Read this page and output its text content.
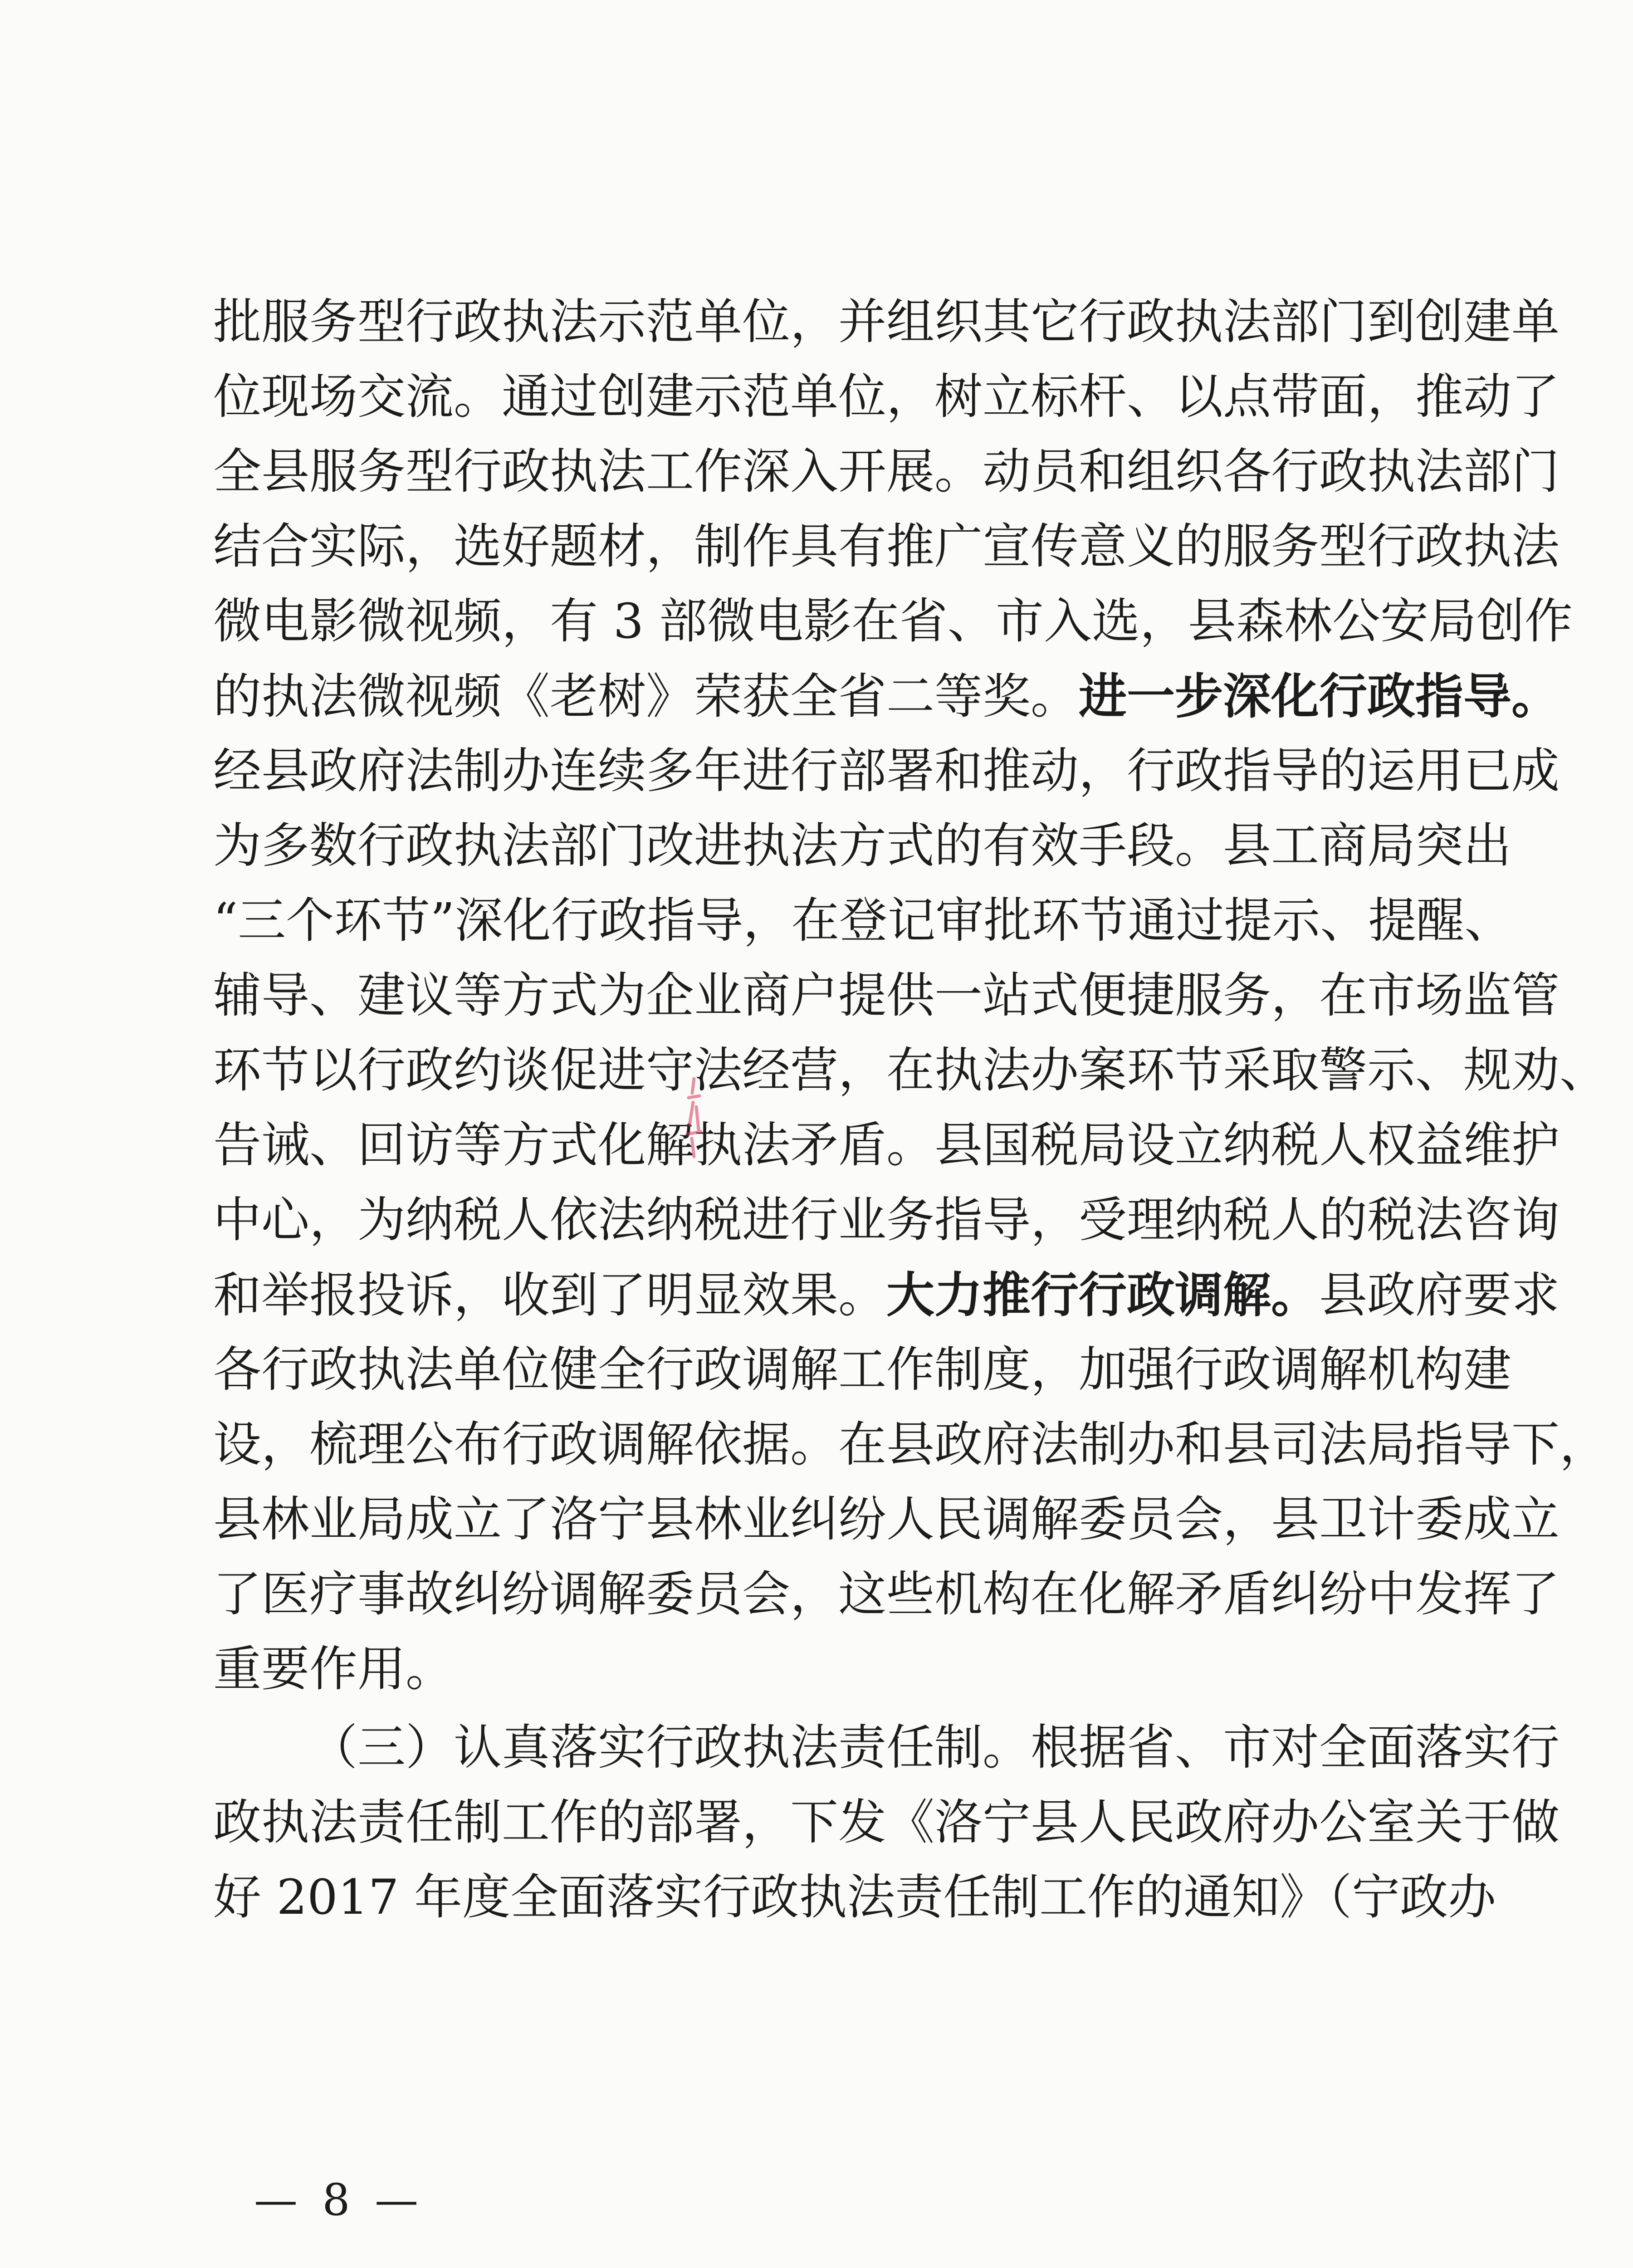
批服务型行政执法示范单位，并组织其它行政执法部门到创建单
位现场交流。通过创建示范单位，树立标杆、以点带面，推动了
全县服务型行政执法工作深入开展。动员和组织各行政执法部门
结合实际，选好题材，制作具有推广宣传意义的服务型行政执法
微电影微视频，有 3 部微电影在省、市入选，县森林公安局创作
的执法微视频《老树》荣获全省二等奖。进一步深化行政指导。
经县政府法制办连续多年进行部署和推动，行政指导的运用已成
为多数行政执法部门改进执法方式的有效手段。县工商局突出
“三个环节”深化行政指导，在登记审批环节通过提示、提醒、
辅导、建议等方式为企业商户提供一站式便捷服务，在市场监管
环节以行政约谈促进守法经营，在执法办案环节采取警示、规劝、
告诫、回访等方式化解执法矛盾。县国税局设立纳税人权益维护
中心，为纳税人依法纳税进行业务指导，受理纳税人的税法咨询
和举报投诉，收到了明显效果。大力推行行政调解。县政府要求
各行政执法单位健全行政调解工作制度，加强行政调解机构建
设，梳理公布行政调解依据。在县政府法制办和县司法局指导下，
县林业局成立了洛宁县林业纠纷人民调解委员会，县卫计委成立
了医疗事故纠纷调解委员会，这些机构在化解矛盾纠纷中发挥了
重要作用。
（三）认真落实行政执法责任制。根据省、市对全面落实行
政执法责任制工作的部署，下发《洛宁县人民政府办公室关于做
好 2017 年度全面落实行政执法责任制工作的通知》（宁政办
— 8 —
